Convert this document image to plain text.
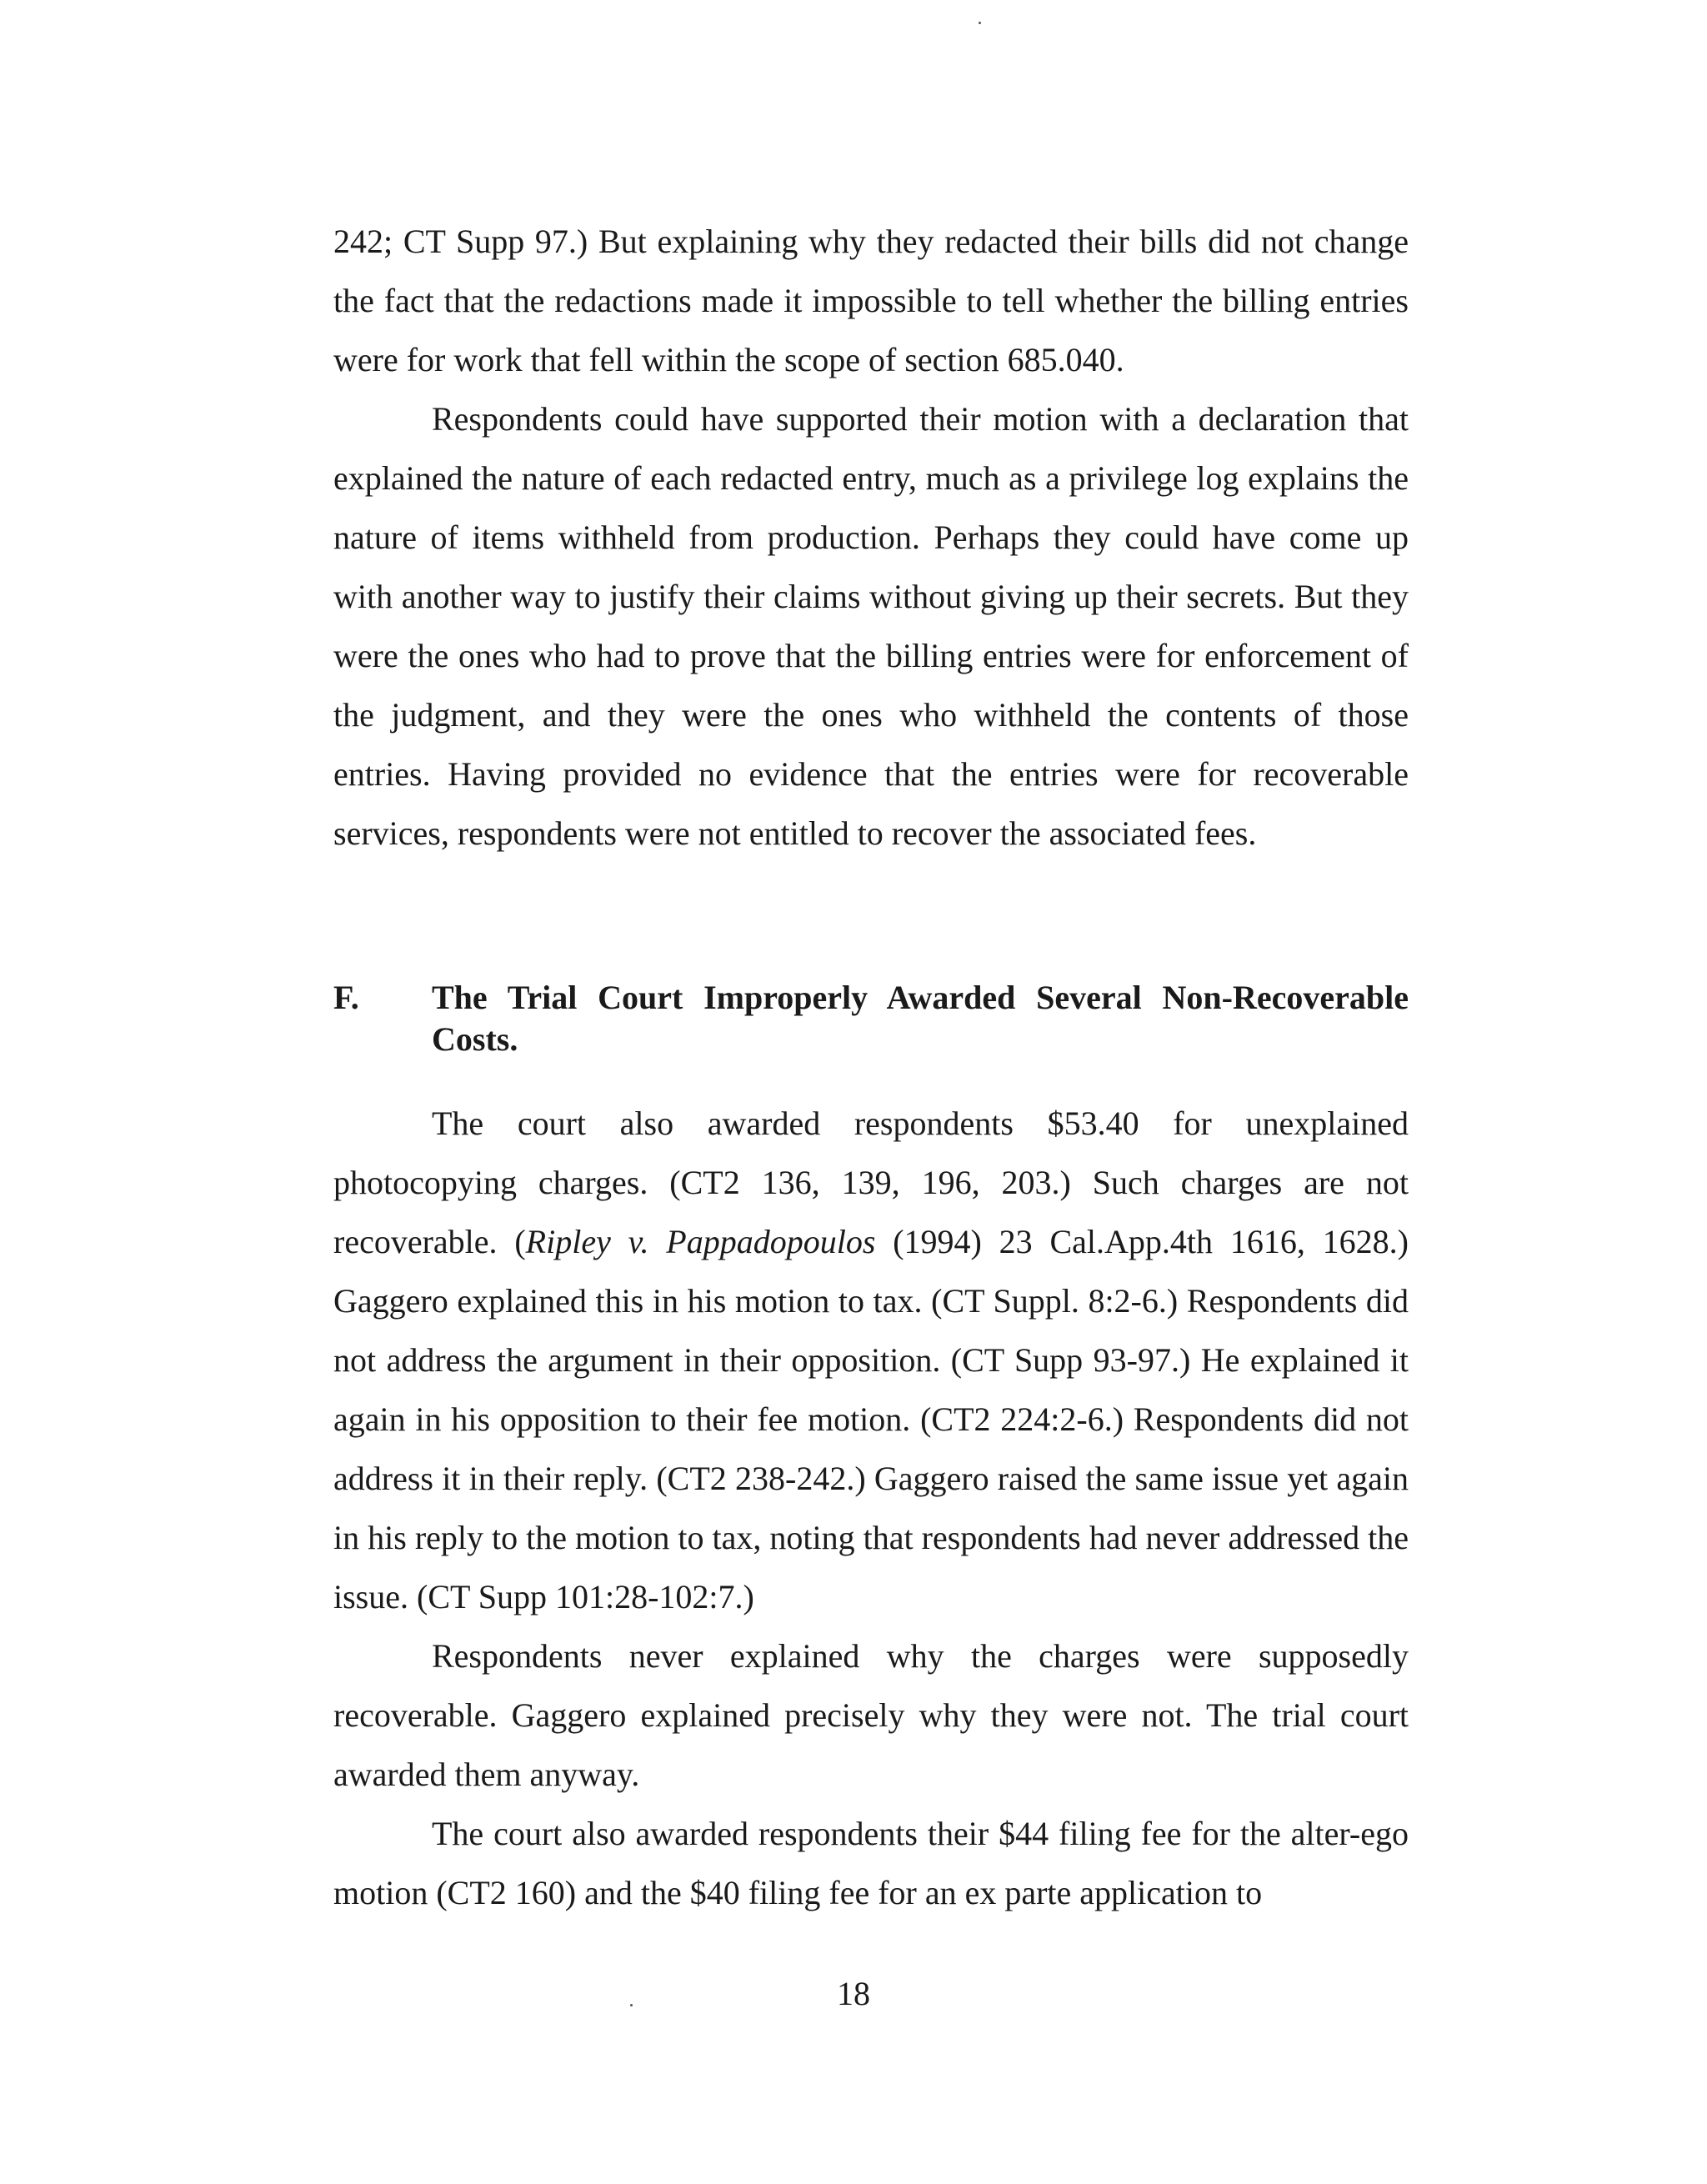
242; CT Supp 97.) But explaining why they redacted their bills did not change the fact that the redactions made it impossible to tell whether the billing entries were for work that fell within the scope of section 685.040.

Respondents could have supported their motion with a declaration that explained the nature of each redacted entry, much as a privilege log explains the nature of items withheld from production. Perhaps they could have come up with another way to justify their claims without giving up their secrets. But they were the ones who had to prove that the billing entries were for enforcement of the judgment, and they were the ones who withheld the contents of those entries. Having provided no evidence that the entries were for recoverable services, respondents were not entitled to recover the associated fees.

F. The Trial Court Improperly Awarded Several Non-Recoverable Costs.

The court also awarded respondents $53.40 for unexplained photocopying charges. (CT2 136, 139, 196, 203.) Such charges are not recoverable. (Ripley v. Pappadopoulos (1994) 23 Cal.App.4th 1616, 1628.) Gaggero explained this in his motion to tax. (CT Suppl. 8:2-6.) Respondents did not address the argument in their opposition. (CT Supp 93-97.) He explained it again in his opposition to their fee motion. (CT2 224:2-6.) Respondents did not address it in their reply. (CT2 238-242.) Gaggero raised the same issue yet again in his reply to the motion to tax, noting that respondents had never addressed the issue. (CT Supp 101:28-102:7.)

Respondents never explained why the charges were supposedly recoverable. Gaggero explained precisely why they were not. The trial court awarded them anyway.

The court also awarded respondents their $44 filing fee for the alter-ego motion (CT2 160) and the $40 filing fee for an ex parte application to

18
